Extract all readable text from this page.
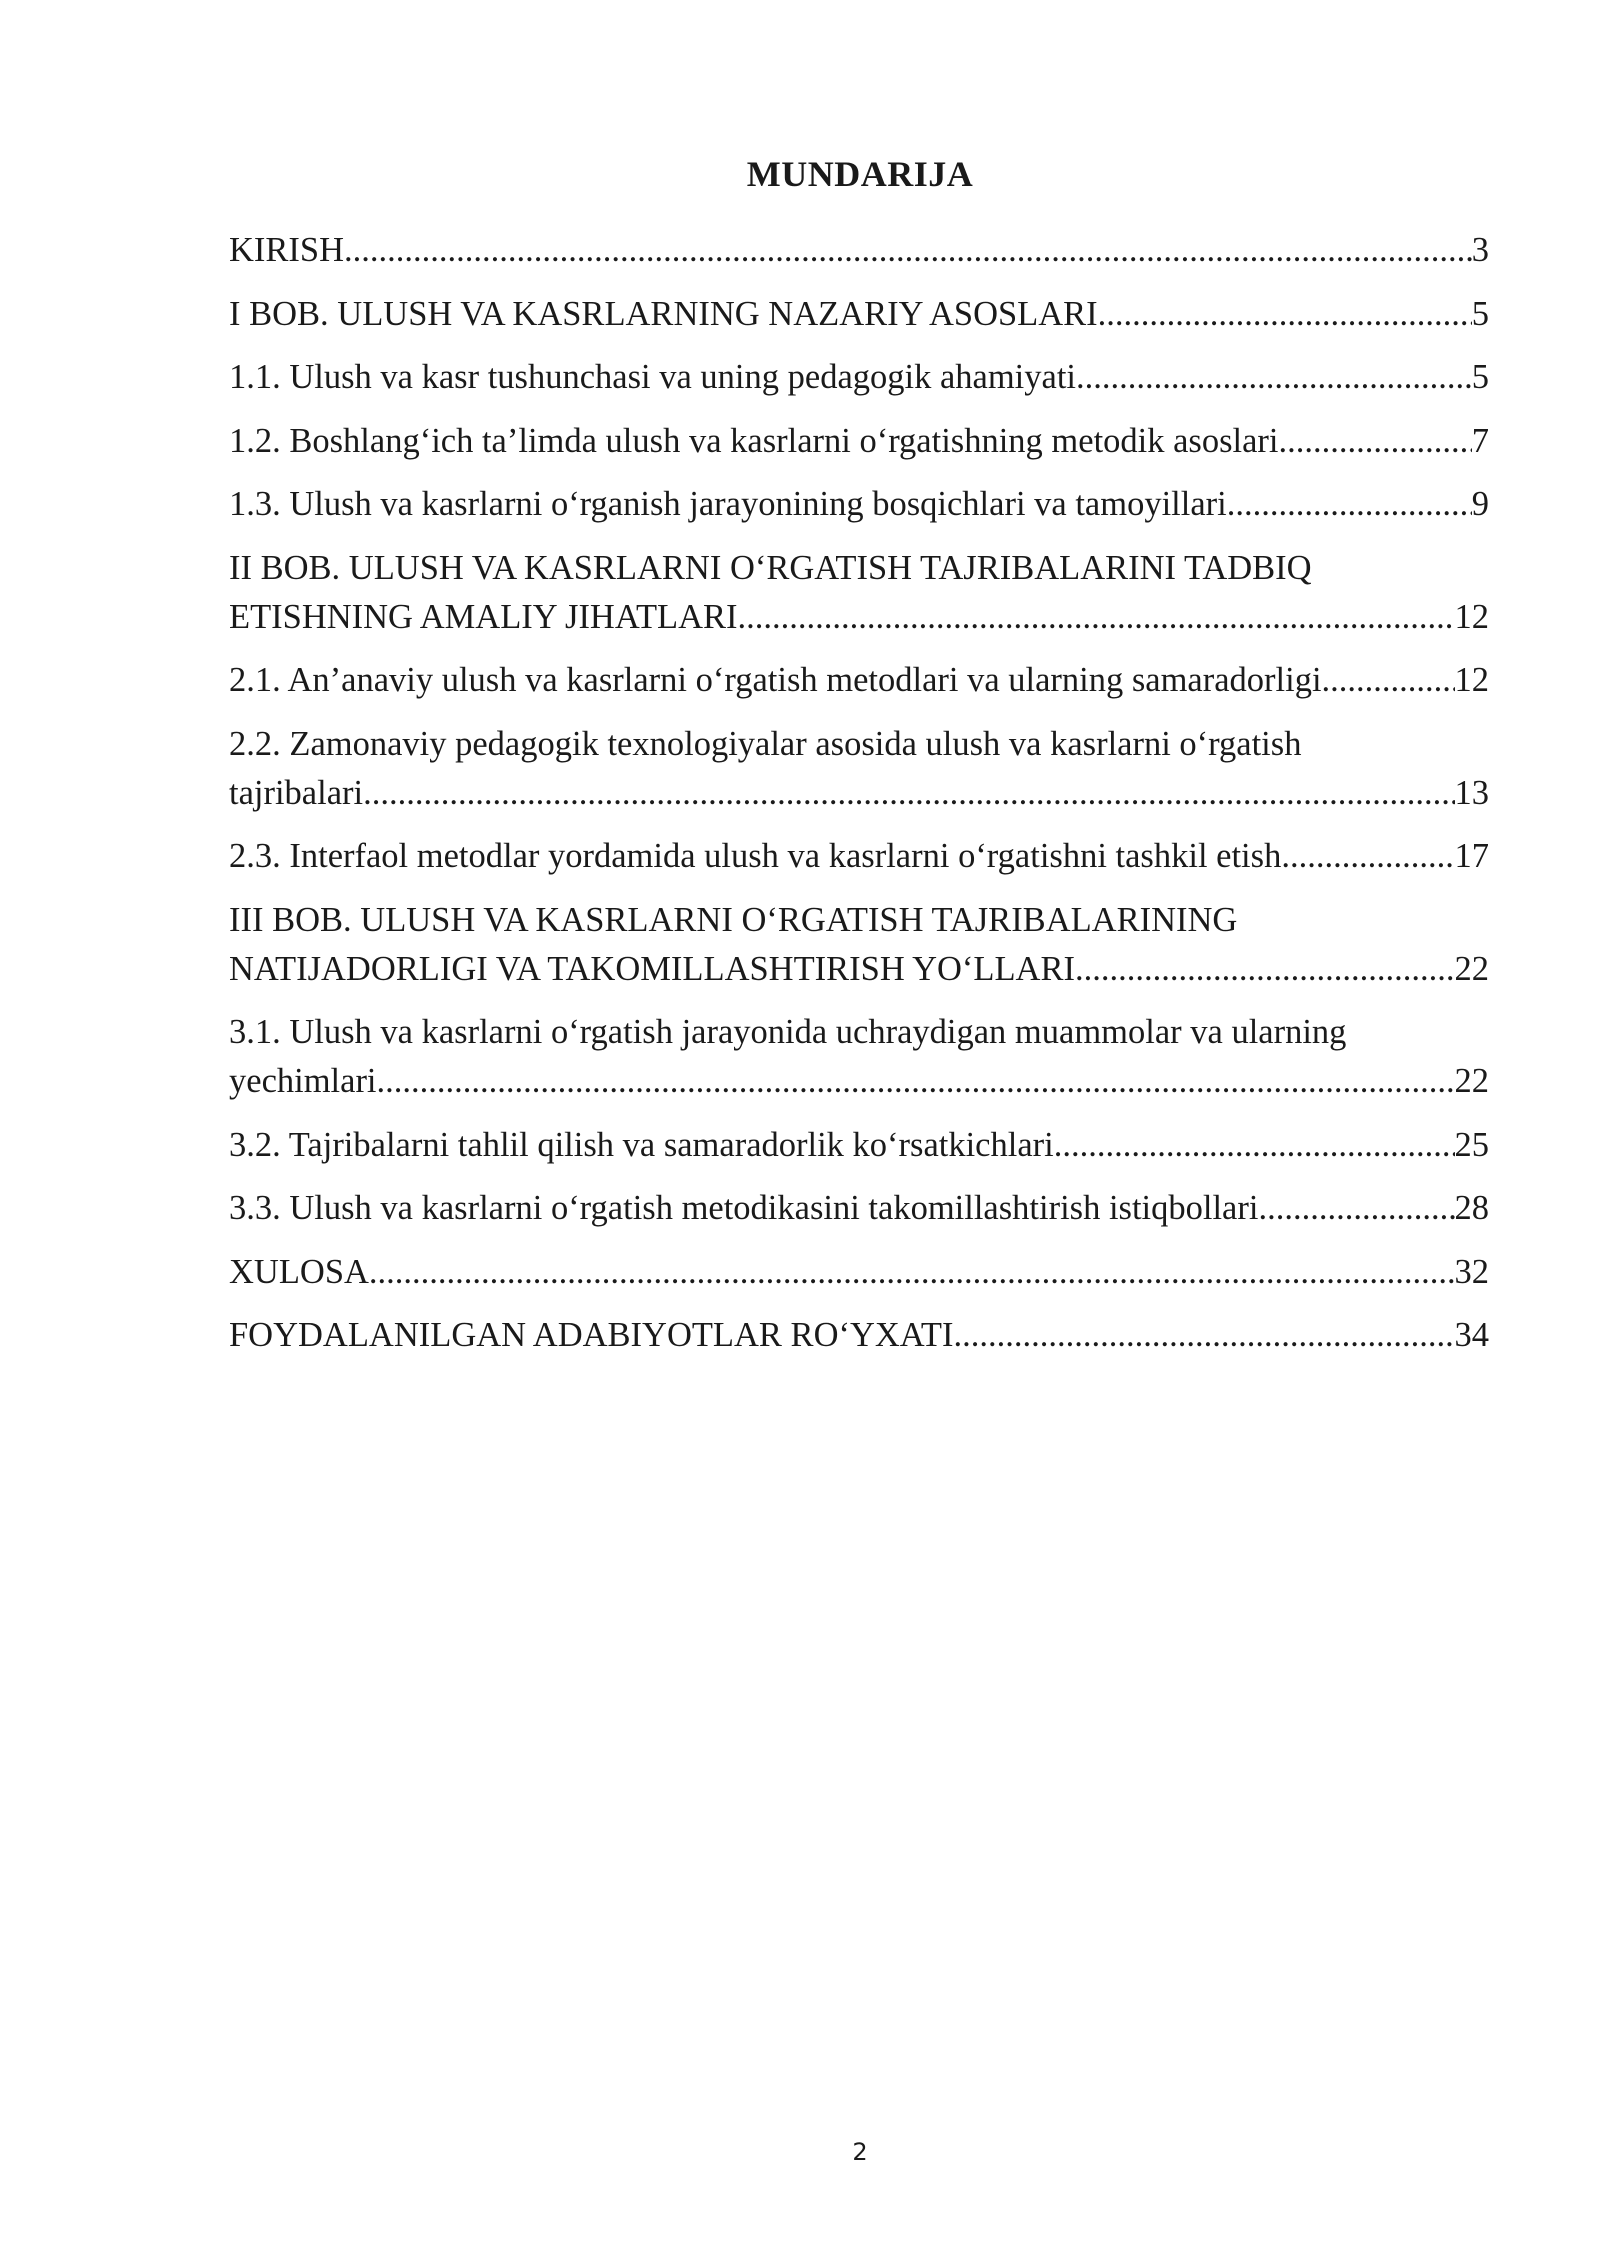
MUNDARIJA
KIRISH .....	3
I BOB. ULUSH VA KASRLARNING NAZARIY ASOSLARI .....	5
1.1. Ulush va kasr tushunchasi va uning pedagogik ahamiyati .....	5
1.2. Boshlang‘ich ta’limda ulush va kasrlarni o‘rgatishning metodik asoslari .....	7
1.3. Ulush va kasrlarni o‘rganish jarayonining bosqichlari va tamoyillari .....	9
II BOB. ULUSH VA KASRLARNI O‘RGATISH TAJRIBALARINI TADBIQ
ETISHNING AMALIY JIHATLARI .....	12
2.1. An’anaviy ulush va kasrlarni o‘rgatish metodlari va ularning samaradorligi. .....	12
2.2. Zamonaviy pedagogik texnologiyalar asosida ulush va kasrlarni o‘rgatish
tajribalari .....	13
2.3. Interfaol metodlar yordamida ulush va kasrlarni o‘rgatishni tashkil etish .....	17
III BOB. ULUSH VA KASRLARNI O‘RGATISH TAJRIBALARINING
NATIJADORLIGI VA TAKOMILLASHTIRISH YO‘LLARI .....	22
3.1. Ulush va kasrlarni o‘rgatish jarayonida uchraydigan muammolar va ularning
yechimlari .....	22
3.2. Tajribalarni tahlil qilish va samaradorlik ko‘rsatkichlari .....	25
3.3. Ulush va kasrlarni o‘rgatish metodikasini takomillashtirish istiqbollari .....	28
XULOSA .....	32
FOYDALANILGAN ADABIYOTLAR RO‘YXATI .....	34
2
